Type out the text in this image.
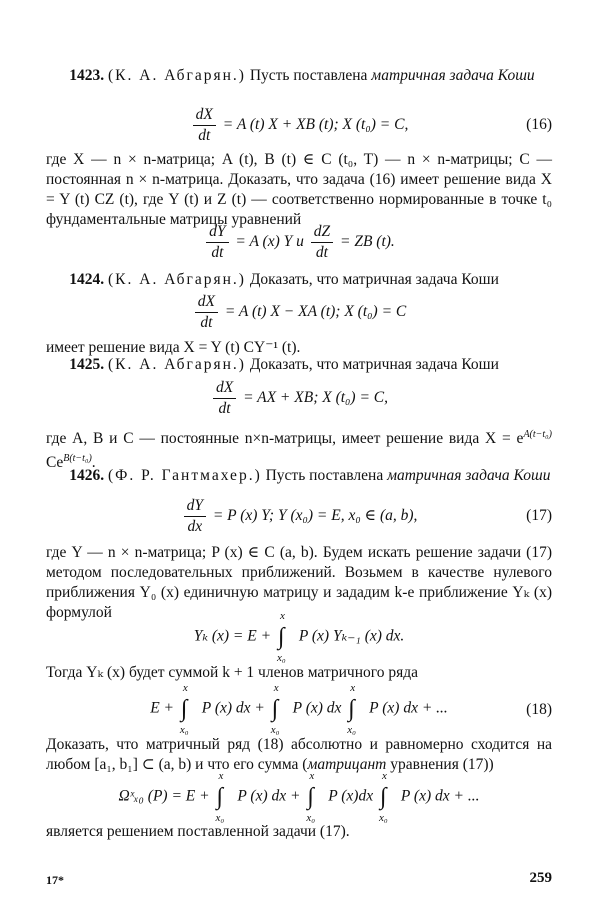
1423. (К. А. Абгарян.) Пусть поставлена матричная задача Коши
$\frac{dX}{dt} = A$ (t) X + XB (t); X (t₀) = C,	(16)
где X — n × n-матрица; A (t), B (t) ∈ C (t₀, T) — n × n-матрицы; C — постоянная n × n-матрица. Доказать, что задача (16) имеет решение вида X = Y (t) CZ (t), где Y (t) и Z (t) — соответственно нормированные в точке t₀ фундаментальные матрицы уравнений
$\frac{dY}{dt} = A$ (x) Y и $\frac{dZ}{dt}$ = ZB (t).
1424. (К. А. Абгарян.) Доказать, что матричная задача Коши
$\frac{dX}{dt} = A$ (t) X − XA (t); X (t₀) = C
имеет решение вида X = Y (t) CY⁻¹ (t).
1425. (К. А. Абгарян.) Доказать, что матричная задача Коши
$\frac{dX}{dt}$ = AX + XB; X (t₀) = C,
где A, B и C — постоянные n×n-матрицы, имеет решение вида $X = e^{A(t-t_0)}$ $Ce^{B(t-t_0)}$.
1426. (Ф. Р. Гантмахер.) Пусть поставлена матричная задача Коши
$\frac{dY}{dx} = P$ (x) Y; Y (x₀) = E, x₀ ∈ (a, b),	(17)
где Y — n × n-матрица; P (x) ∈ C (a, b). Будем искать решение задачи (17) методом последовательных приближений. Возьмем в качестве нулевого приближения Y₀ (x) единичную матрицу и зададим k-е приближение Yₖ (x) формулой
Yₖ (x) = E +
x
∫
x₀
P (x) Yₖ₋₁ (x) dx.
Тогда Yₖ (x) будет суммой k + 1 членов матричного ряда
E +
x
∫
x₀
P (x) dx +
x
∫
x₀
P (x) dx
x
∫
x₀
P (x) dx + ...	(18)
Доказать, что матричный ряд (18) абсолютно и равномерно сходится на любом [a₁, b₁] ⊂ (a, b) и что его сумма (матрицант уравнения (17))
Ωˣₓ₀ (P) = E +
x
∫
x₀
P (x) dx +
x
∫
x₀
P (x)dx
x
∫
x₀
P (x) dx + ...
является решением поставленной задачи (17).
17*	259
